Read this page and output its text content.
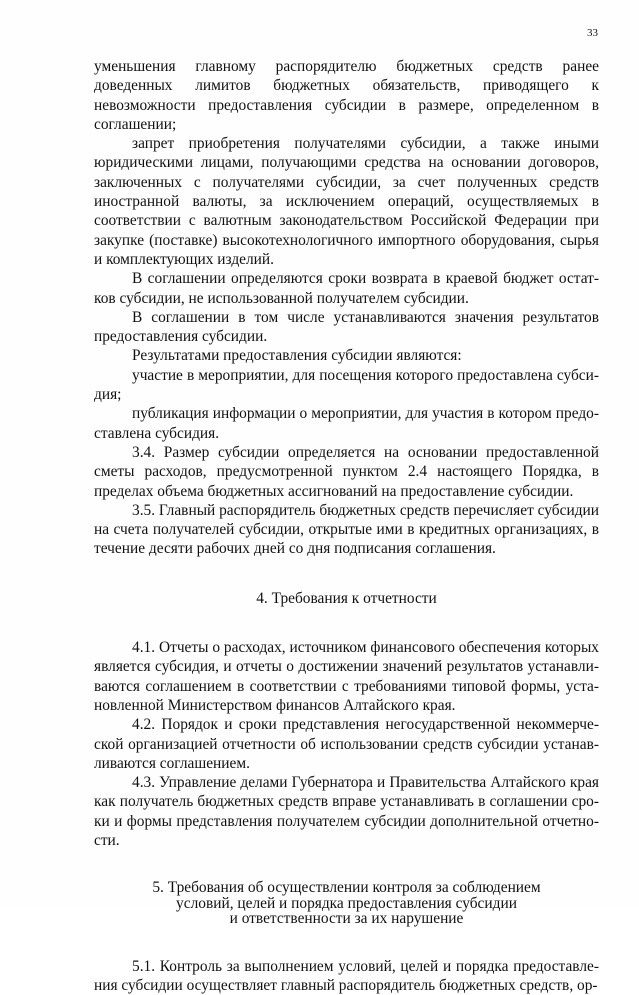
33

уменьшения главному распорядителю бюджетных средств ранее доведенных лимитов бюджетных обязательств, приводящего к невозможности предоставления субсидии в размере, определенном в соглашении;

запрет приобретения получателями субсидии, а также иными юридическими лицами, получающими средства на основании договоров, заключенных с получателями субсидии, за счет полученных средств иностранной валюты, за исключением операций, осуществляемых в соответствии с валютным законодательством Российской Федерации при закупке (поставке) высокотехнологичного импортного оборудования, сырья и комплектующих изделий.

В соглашении определяются сроки возврата в краевой бюджет остатков субсидии, не использованной получателем субсидии.

В соглашении в том числе устанавливаются значения результатов предоставления субсидии.

Результатами предоставления субсидии являются:

участие в мероприятии, для посещения которого предоставлена субсидия;

публикация информации о мероприятии, для участия в котором предоставлена субсидия.

3.4. Размер субсидии определяется на основании предоставленной сметы расходов, предусмотренной пунктом 2.4 настоящего Порядка, в пределах объема бюджетных ассигнований на предоставление субсидии.

3.5. Главный распорядитель бюджетных средств перечисляет субсидии на счета получателей субсидии, открытые ими в кредитных организациях, в течение десяти рабочих дней со дня подписания соглашения.

4. Требования к отчетности

4.1. Отчеты о расходах, источником финансового обеспечения которых является субсидия, и отчеты о достижении значений результатов устанавливаются соглашением в соответствии с требованиями типовой формы, установленной Министерством финансов Алтайского края.

4.2. Порядок и сроки представления негосударственной некоммерческой организацией отчетности об использовании средств субсидии устанавливаются соглашением.

4.3. Управление делами Губернатора и Правительства Алтайского края как получатель бюджетных средств вправе устанавливать в соглашении сроки и формы представления получателем субсидии дополнительной отчетности.

5. Требования об осуществлении контроля за соблюдением
условий, целей и порядка предоставления субсидии
и ответственности за их нарушение

5.1. Контроль за выполнением условий, целей и порядка предоставления субсидии осуществляет главный распорядитель бюджетных средств, ор-
